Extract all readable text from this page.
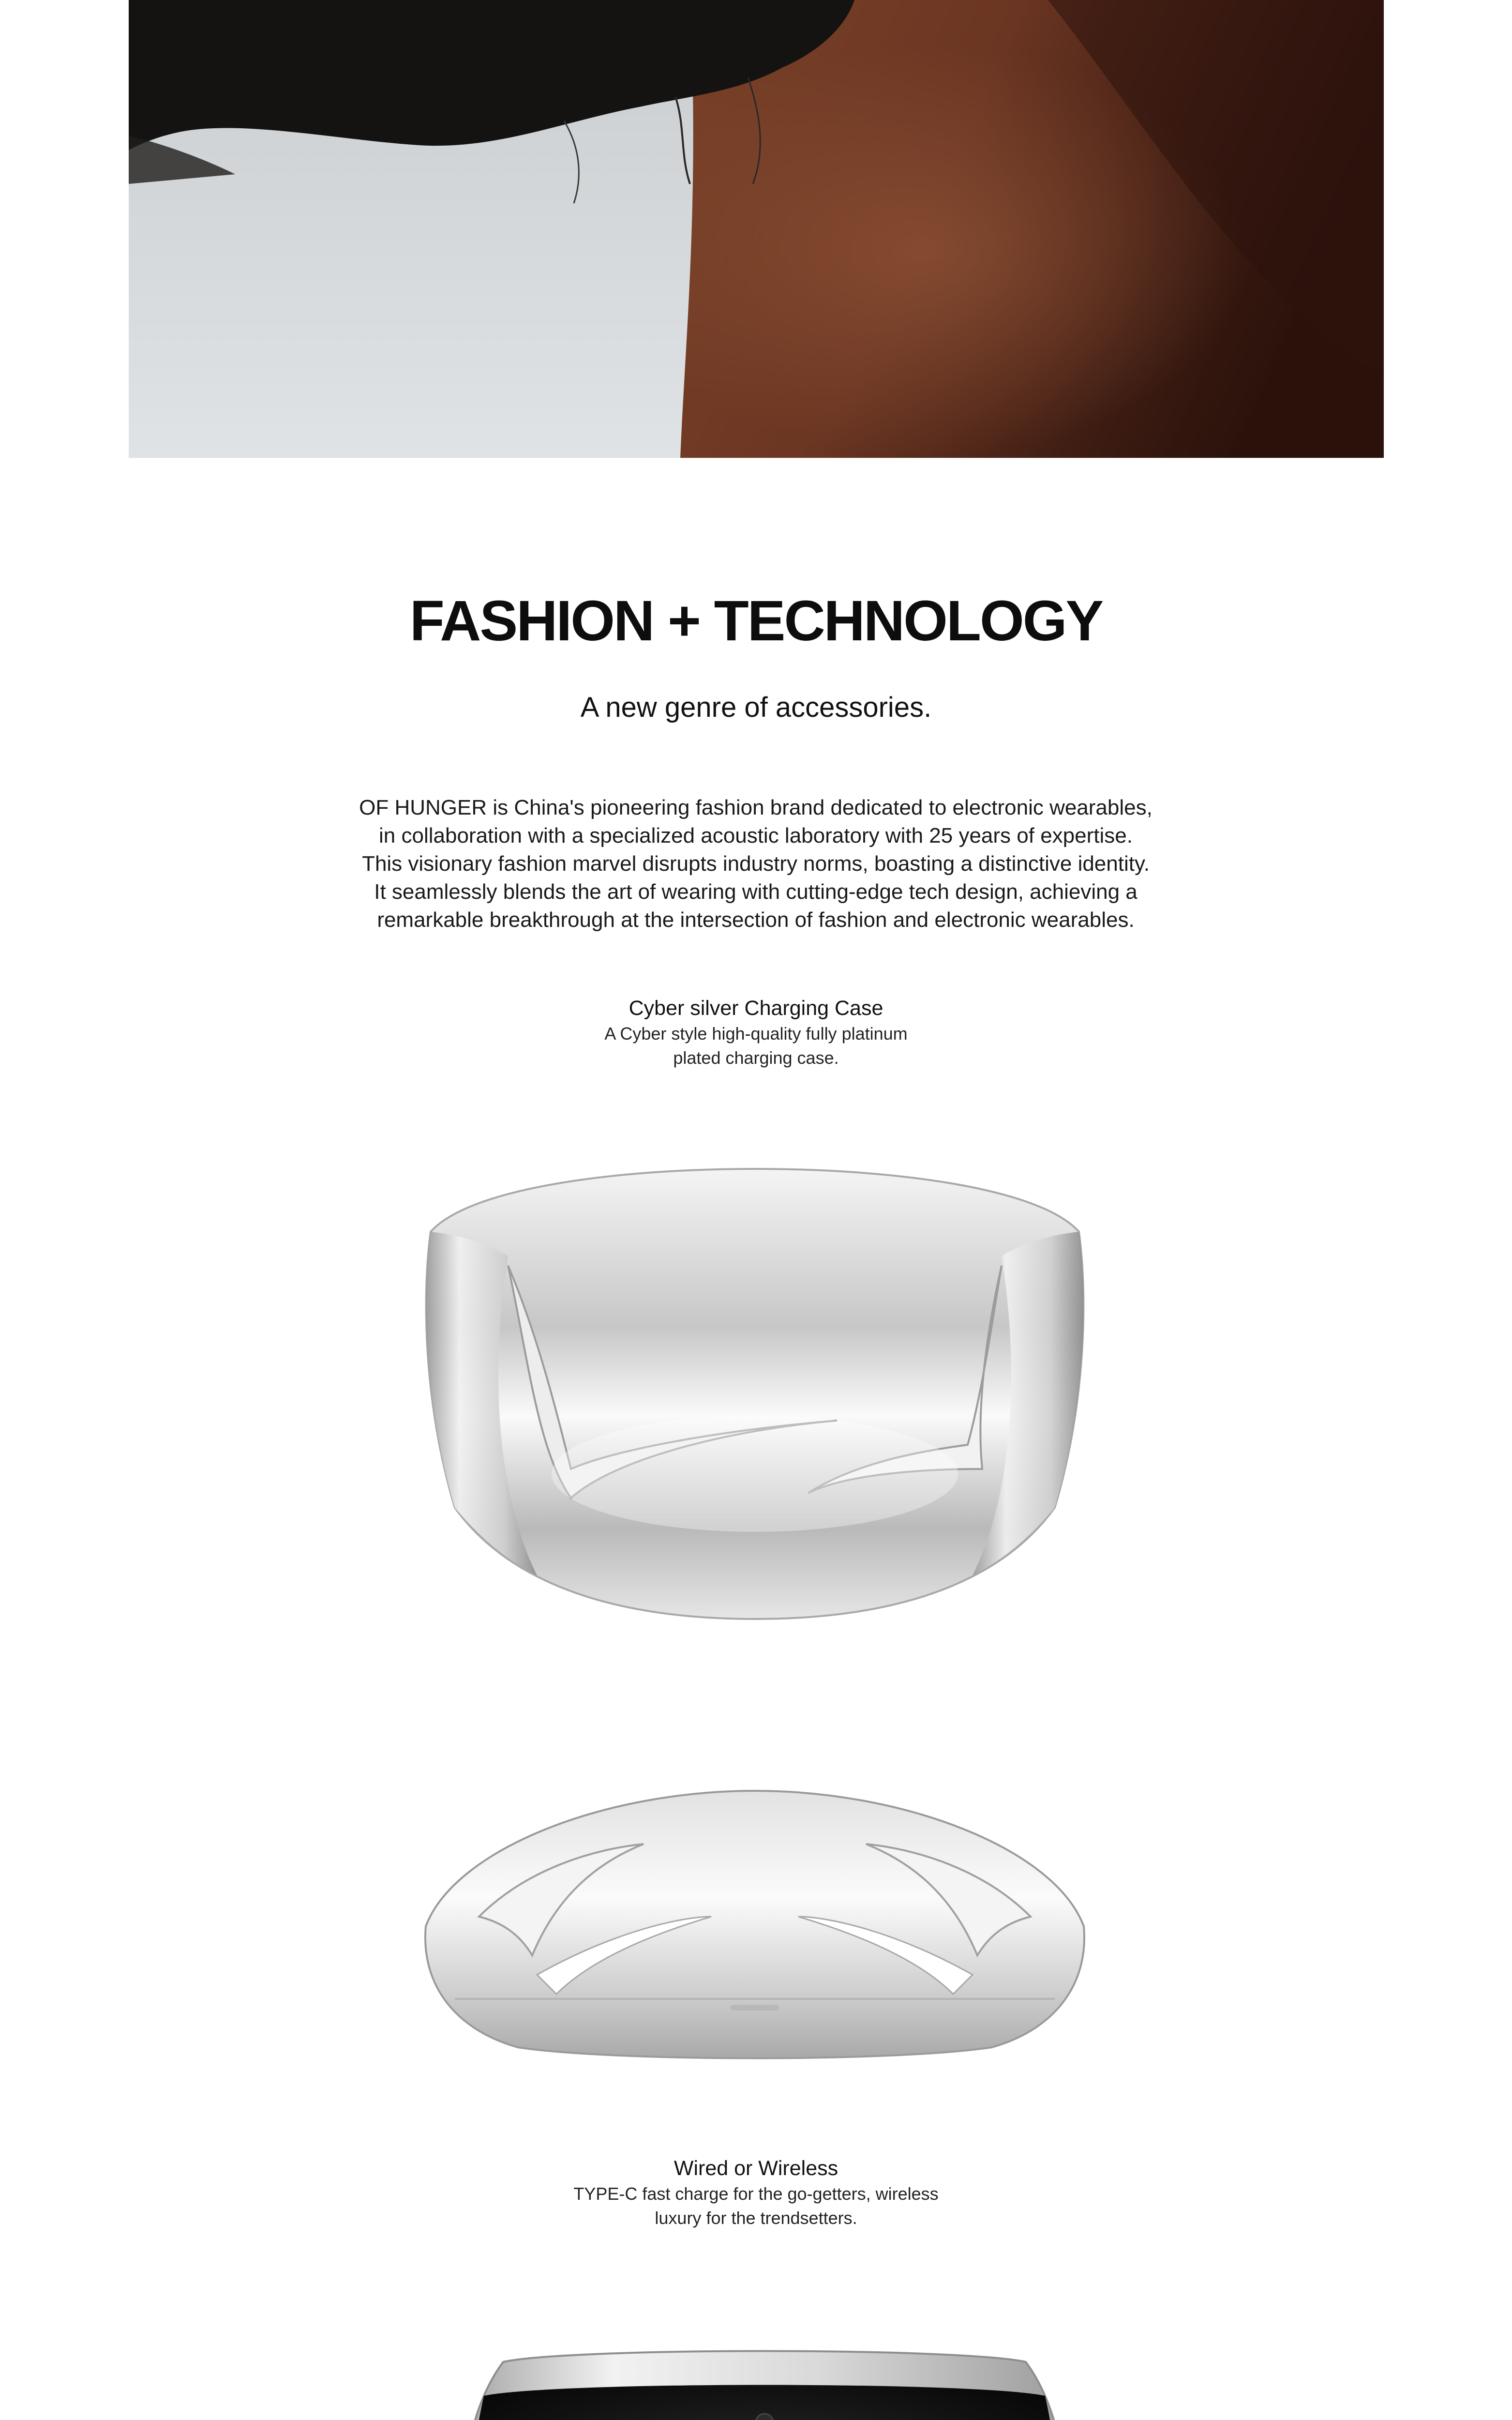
FASHION + TECHNOLOGY
A new genre of accessories.

OF HUNGER is China's pioneering fashion brand dedicated to electronic wearables,
in collaboration with a specialized acoustic laboratory with 25 years of expertise.
This visionary fashion marvel disrupts industry norms, boasting a distinctive identity.
It seamlessly blends the art of wearing with cutting-edge tech design, achieving a
remarkable breakthrough at the intersection of fashion and electronic wearables.

Cyber silver Charging Case
A Cyber style high-quality fully platinum
plated charging case.
Wired or Wireless
TYPE-C fast charge for the go-getters, wireless
luxury for the trendsetters.
